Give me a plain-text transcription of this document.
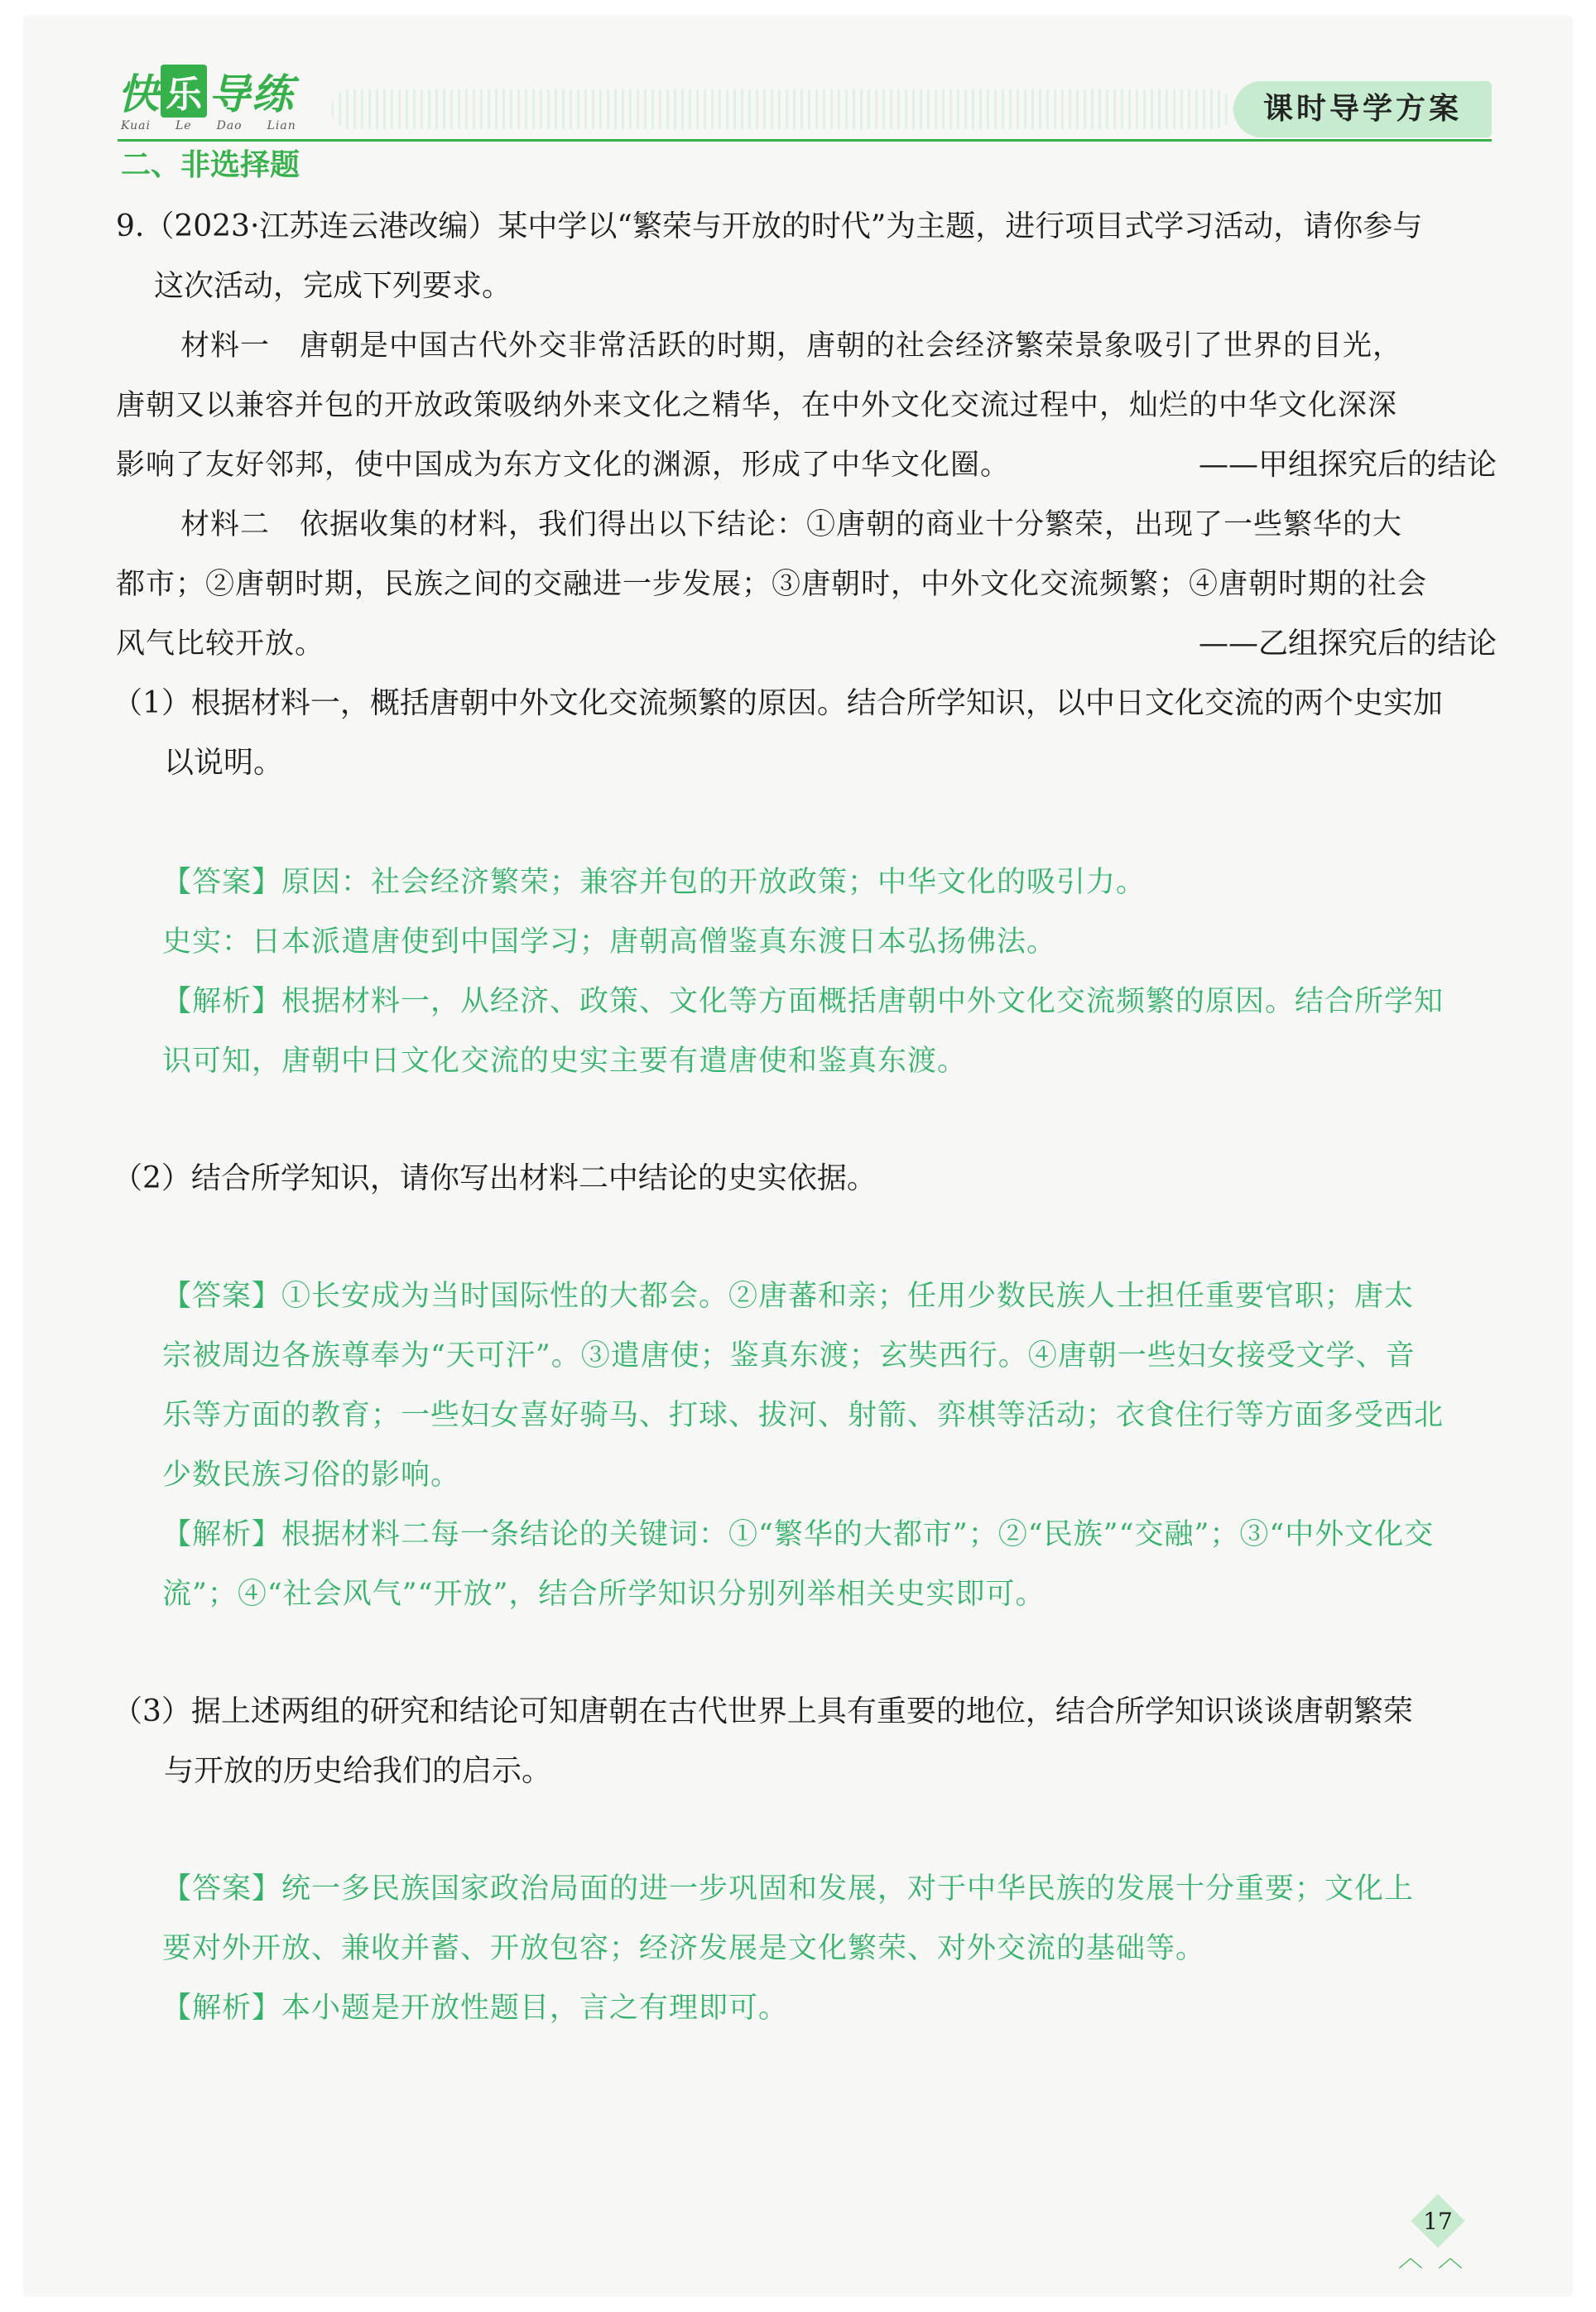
快 乐 导练
Kuai Le Dao Lian	课时导学方案
二、非选择题
9.（2023·江苏连云港改编）某中学以“繁荣与开放的时代”为主题，进行项目式学习活动，请你参与
这次活动，完成下列要求。
材料一　唐朝是中国古代外交非常活跃的时期，唐朝的社会经济繁荣景象吸引了世界的目光，
唐朝又以兼容并包的开放政策吸纳外来文化之精华，在中外文化交流过程中，灿烂的中华文化深深
影响了友好邻邦，使中国成为东方文化的渊源，形成了中华文化圈。	——甲组探究后的结论
材料二　依据收集的材料，我们得出以下结论：①唐朝的商业十分繁荣，出现了一些繁华的大
都市；②唐朝时期，民族之间的交融进一步发展；③唐朝时，中外文化交流频繁；④唐朝时期的社会
风气比较开放。	——乙组探究后的结论
（1）根据材料一，概括唐朝中外文化交流频繁的原因。结合所学知识，以中日文化交流的两个史实加
以说明。
【答案】原因：社会经济繁荣；兼容并包的开放政策；中华文化的吸引力。
史实：日本派遣唐使到中国学习；唐朝高僧鉴真东渡日本弘扬佛法。
【解析】根据材料一，从经济、政策、文化等方面概括唐朝中外文化交流频繁的原因。结合所学知
识可知，唐朝中日文化交流的史实主要有遣唐使和鉴真东渡。
（2）结合所学知识，请你写出材料二中结论的史实依据。
【答案】①长安成为当时国际性的大都会。②唐蕃和亲；任用少数民族人士担任重要官职；唐太
宗被周边各族尊奉为“天可汗”。③遣唐使；鉴真东渡；玄奘西行。④唐朝一些妇女接受文学、音
乐等方面的教育；一些妇女喜好骑马、打球、拔河、射箭、弈棋等活动；衣食住行等方面多受西北
少数民族习俗的影响。
【解析】根据材料二每一条结论的关键词：①“繁华的大都市”；②“民族”“交融”；③“中外文化交
流”；④“社会风气”“开放”，结合所学知识分别列举相关史实即可。
（3）据上述两组的研究和结论可知唐朝在古代世界上具有重要的地位，结合所学知识谈谈唐朝繁荣
与开放的历史给我们的启示。
【答案】统一多民族国家政治局面的进一步巩固和发展，对于中华民族的发展十分重要；文化上
要对外开放、兼收并蓄、开放包容；经济发展是文化繁荣、对外交流的基础等。
【解析】本小题是开放性题目，言之有理即可。
17
︿︿
